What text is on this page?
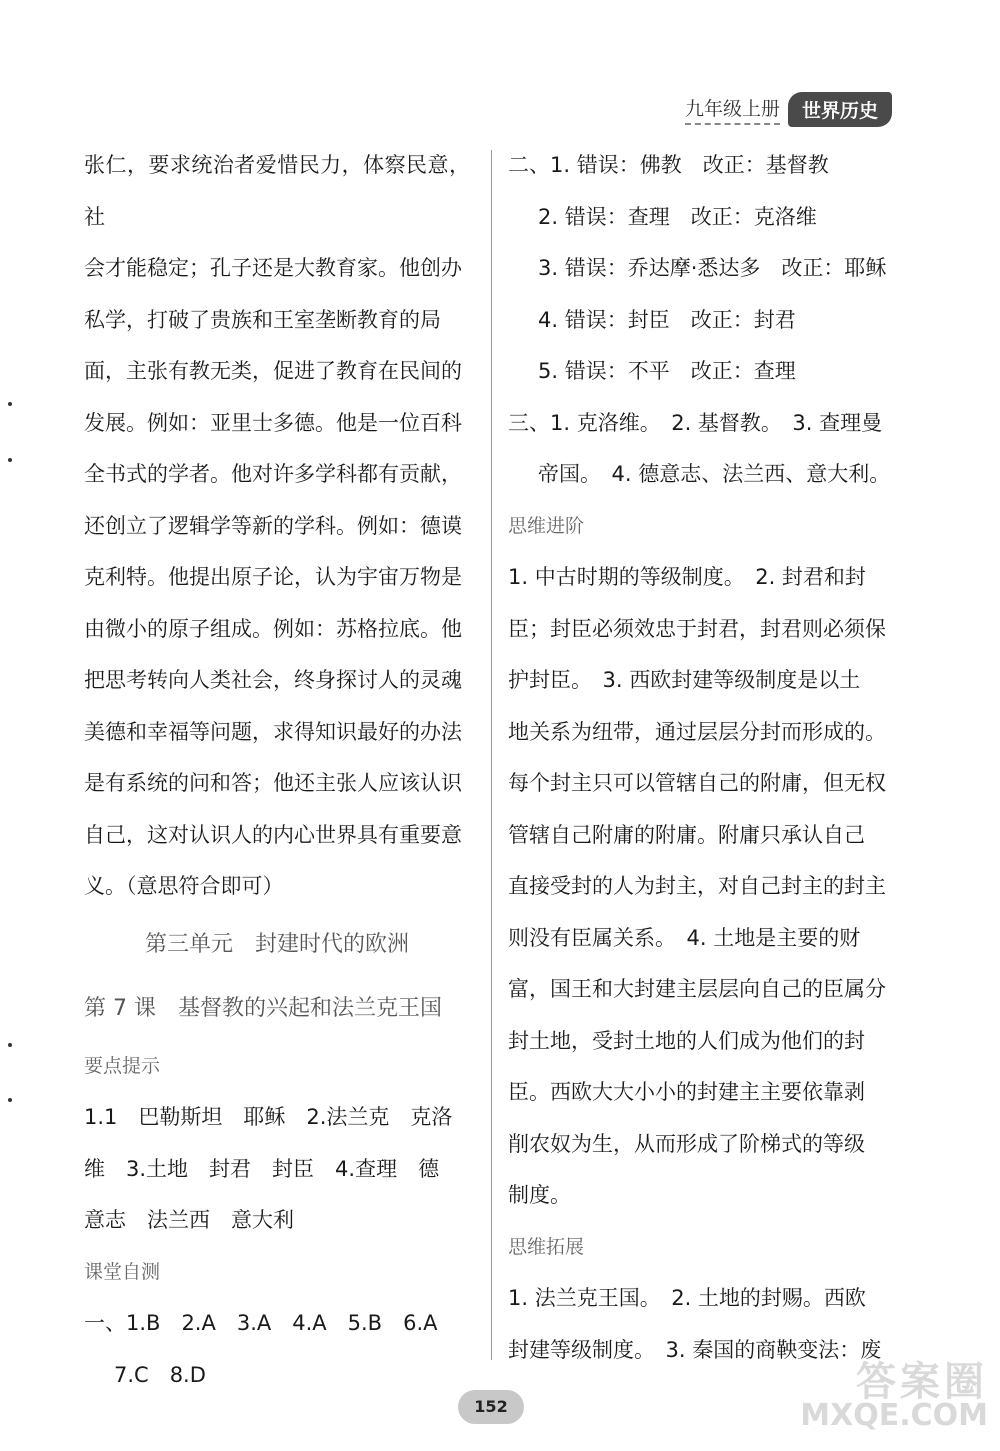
九年级上册	世界历史

张仁，要求统治者爱惜民力，体察民意，社

会才能稳定；孔子还是大教育家。他创办

私学，打破了贵族和王室垄断教育的局

面，主张有教无类，促进了教育在民间的

发展。例如：亚里士多德。他是一位百科

全书式的学者。他对许多学科都有贡献，

还创立了逻辑学等新的学科。例如：德谟

克利特。他提出原子论，认为宇宙万物是

由微小的原子组成。例如：苏格拉底。他

把思考转向人类社会，终身探讨人的灵魂

美德和幸福等问题，求得知识最好的办法

是有系统的问和答；他还主张人应该认识

自己，这对认识人的内心世界具有重要意

义。（意思符合即可）

第三单元　封建时代的欧洲

第 7 课　基督教的兴起和法兰克王国

要点提示

1.1　巴勒斯坦　耶稣　2.法兰克　克洛

维　3.土地　封君　封臣　4.查理　德

意志　法兰西　意大利

课堂自测

一、1.B　2.A　3.A　4.A　5.B　6.A

7.C　8.D

二、1. 错误：佛教　改正：基督教

2. 错误：查理　改正：克洛维

3. 错误：乔达摩·悉达多　改正：耶稣

4. 错误：封臣　改正：封君

5. 错误：不平　改正：查理

三、1. 克洛维。　2. 基督教。　3. 查理曼

帝国。　4. 德意志、法兰西、意大利。

思维进阶

1. 中古时期的等级制度。　2. 封君和封

臣；封臣必须效忠于封君，封君则必须保

护封臣。　3. 西欧封建等级制度是以土

地关系为纽带，通过层层分封而形成的。

每个封主只可以管辖自己的附庸，但无权

管辖自己附庸的附庸。附庸只承认自己

直接受封的人为封主，对自己封主的封主

则没有臣属关系。　4. 土地是主要的财

富，国王和大封建主层层向自己的臣属分

封土地，受封土地的人们成为他们的封

臣。西欧大大小小的封建主主要依靠剥

削农奴为生，从而形成了阶梯式的等级

制度。

思维拓展

1. 法兰克王国。　2. 土地的封赐。西欧

封建等级制度。　3. 秦国的商鞅变法：废

152
答案圈
MXQE.COM
